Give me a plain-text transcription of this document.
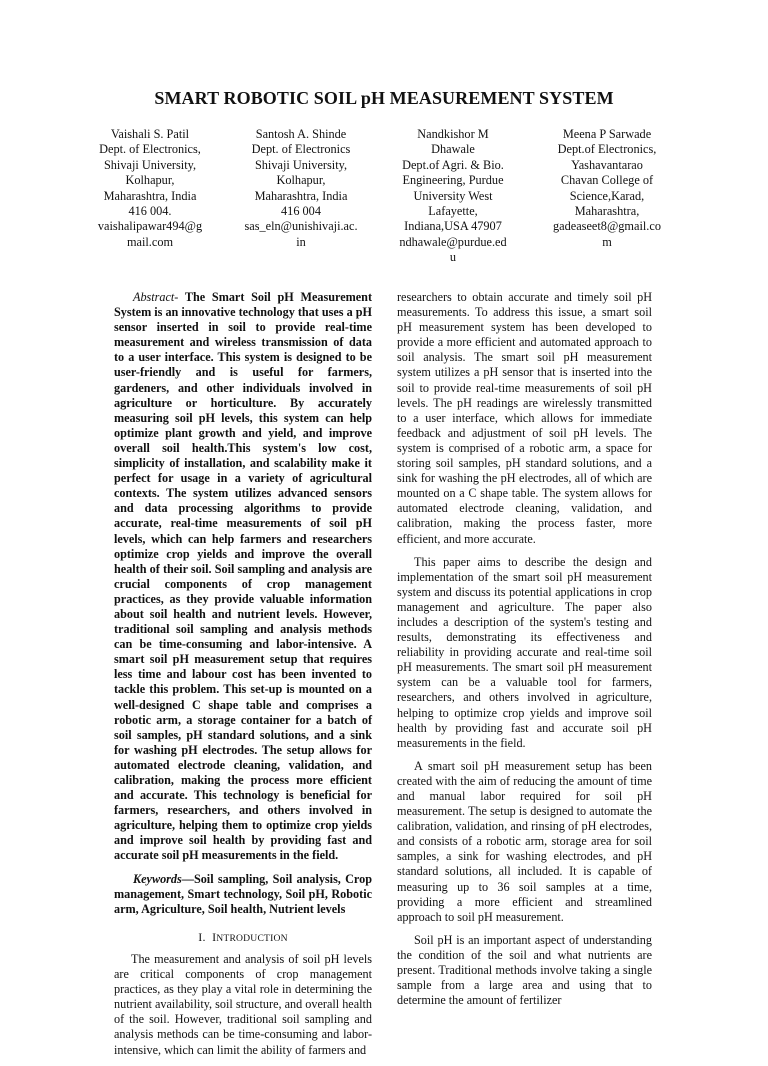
SMART ROBOTIC SOIL pH MEASUREMENT SYSTEM
Vaishali S. Patil
Dept. of Electronics,
Shivaji University,
Kolhapur,
Maharashtra, India
416 004.
vaishalipawar494@g
mail.com
Santosh A. Shinde
Dept. of Electronics
Shivaji University,
Kolhapur,
Maharashtra, India
416 004
sas_eln@unishivaji.ac.
in
Nandkishor M
Dhawale
Dept.of Agri. & Bio.
Engineering, Purdue
University West
Lafayette,
Indiana,USA 47907
ndhawale@purdue.ed
u
Meena P Sarwade
Dept.of Electronics,
Yashavantarao
Chavan College of
Science,Karad,
Maharashtra,
gadeaseet8@gmail.co
m

Abstract- The Smart Soil pH Measurement System is an innovative technology that uses a pH sensor inserted in soil to provide real-time measurement and wireless transmission of data to a user interface. This system is designed to be user-friendly and is useful for farmers, gardeners, and other individuals involved in agriculture or horticulture. By accurately measuring soil pH levels, this system can help optimize plant growth and yield, and improve overall soil health.This system's low cost, simplicity of installation, and scalability make it perfect for usage in a variety of agricultural contexts. The system utilizes advanced sensors and data processing algorithms to provide accurate, real-time measurements of soil pH levels, which can help farmers and researchers optimize crop yields and improve the overall health of their soil. Soil sampling and analysis are crucial components of crop management practices, as they provide valuable information about soil health and nutrient levels. However, traditional soil sampling and analysis methods can be time-consuming and labor-intensive. A smart soil pH measurement setup that requires less time and labour cost has been invented to tackle this problem. This set-up is mounted on a well-designed C shape table and comprises a robotic arm, a storage container for a batch of soil samples, pH standard solutions, and a sink for washing pH electrodes. The setup allows for automated electrode cleaning, validation, and calibration, making the process more efficient and accurate. This technology is beneficial for farmers, researchers, and others involved in agriculture, helping them to optimize crop yields and improve soil health by providing fast and accurate soil pH measurements in the field.

Keywords—Soil sampling, Soil analysis, Crop management, Smart technology, Soil pH, Robotic arm, Agriculture, Soil health, Nutrient levels

I. INTRODUCTION

The measurement and analysis of soil pH levels are critical components of crop management practices, as they play a vital role in determining the nutrient availability, soil structure, and overall health of the soil. However, traditional soil sampling and analysis methods can be time-consuming and labor-intensive, which can limit the ability of farmers and

researchers to obtain accurate and timely soil pH measurements. To address this issue, a smart soil pH measurement system has been developed to provide a more efficient and automated approach to soil analysis. The smart soil pH measurement system utilizes a pH sensor that is inserted into the soil to provide real-time measurements of soil pH levels. The pH readings are wirelessly transmitted to a user interface, which allows for immediate feedback and adjustment of soil pH levels. The system is comprised of a robotic arm, a space for storing soil samples, pH standard solutions, and a sink for washing the pH electrodes, all of which are mounted on a C shape table. The system allows for automated electrode cleaning, validation, and calibration, making the process faster, more efficient, and more accurate.

This paper aims to describe the design and implementation of the smart soil pH measurement system and discuss its potential applications in crop management and agriculture. The paper also includes a description of the system's testing and results, demonstrating its effectiveness and reliability in providing accurate and real-time soil pH measurements. The smart soil pH measurement system can be a valuable tool for farmers, researchers, and others involved in agriculture, helping to optimize crop yields and improve soil health by providing fast and accurate soil pH measurements in the field.

A smart soil pH measurement setup has been created with the aim of reducing the amount of time and manual labor required for soil pH measurement. The setup is designed to automate the calibration, validation, and rinsing of pH electrodes, and consists of a robotic arm, storage area for soil samples, a sink for washing electrodes, and pH standard solutions, all included. It is capable of measuring up to 36 soil samples at a time, providing a more efficient and streamlined approach to soil pH measurement.

Soil pH is an important aspect of understanding the condition of the soil and what nutrients are present. Traditional methods involve taking a single sample from a large area and using that to determine the amount of fertilizer
